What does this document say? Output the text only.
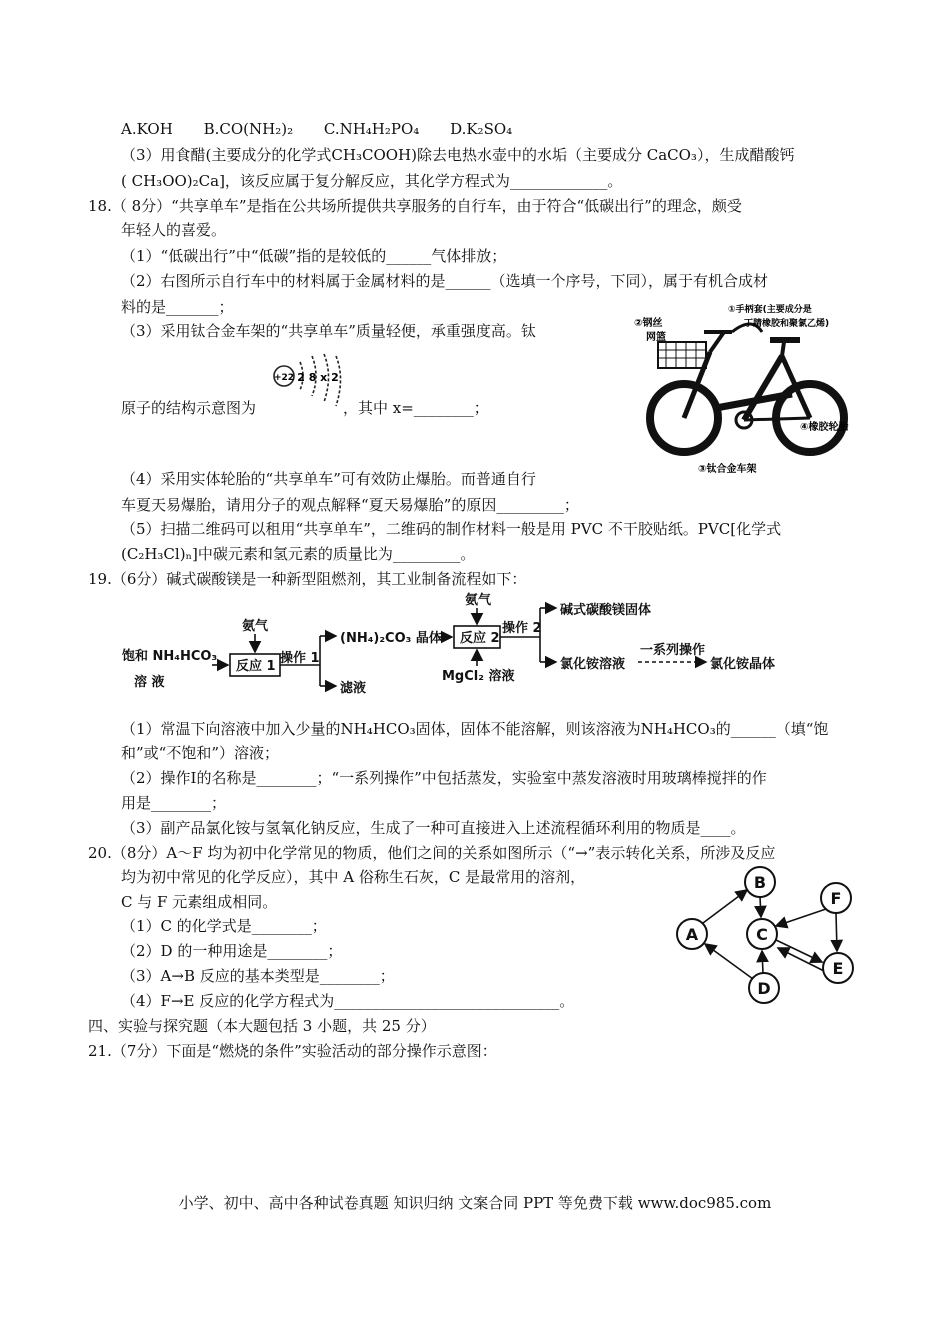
A.KOH B.CO(NH₂)₂ C.NH₄H₂PO₄ D.K₂SO₄
（3）用食醋(主要成分的化学式CH₃COOH)除去电热水壶中的水垢（主要成分 CaCO₃），生成醋酸钙
( CH₃OO)₂Ca]，该反应属于复分解反应，其化学方程式为_____________。
18.（ 8分）“共享单车”是指在公共场所提供共享服务的自行车，由于符合“低碳出行”的理念，颇受
年轻人的喜爱。
（1）“低碳出行”中“低碳”指的是较低的______气体排放；
（2）右图所示自行车中的材料属于金属材料的是______（选填一个序号，下同），属于有机合成材
料的是_______；
（3）采用钛合金车架的“共享单车”质量轻便，承重强度高。钛
原子的结构示意图为	，其中 x=________；
+22 2 8 x 2
①手柄套(主要成分是
丁腈橡胶和聚氯乙烯)
②钢丝
网篮
③钛合金车架
④橡胶轮胎
（4）采用实体轮胎的“共享单车”可有效防止爆胎。而普通自行
车夏天易爆胎，请用分子的观点解释“夏天易爆胎”的原因_________；
（5）扫描二维码可以租用“共享单车”，二维码的制作材料一般是用 PVC 不干胶贴纸。PVC[化学式
(C₂H₃Cl)ₙ]中碳元素和氢元素的质量比为_________。
19.（6分）碱式碳酸镁是一种新型阻燃剂，其工业制备流程如下：
饱和 NH₄HCO₃
溶 液
氨气
反应 1
操作 1
(NH₄)₂CO₃ 晶体
滤液
氨气
反应 2
MgCl₂ 溶液
操作 2
碱式碳酸镁固体
氯化铵溶液
一系列操作
氯化铵晶体
（1）常温下向溶液中加入少量的NH₄HCO₃固体，固体不能溶解，则该溶液为NH₄HCO₃的______（填“饱
和”或“不饱和”）溶液；
（2）操作Ⅰ的名称是________；“一系列操作”中包括蒸发，实验室中蒸发溶液时用玻璃棒搅拌的作
用是________；
（3）副产品氯化铵与氢氧化钠反应，生成了一种可直接进入上述流程循环利用的物质是____。
20.（8分）A～F 均为初中化学常见的物质，他们之间的关系如图所示（“→”表示转化关系，所涉及反应
均为初中常见的化学反应），其中 A 俗称生石灰，C 是最常用的溶剂，
C 与 F 元素组成相同。
（1）C 的化学式是________；
（2）D 的一种用途是________；
（3）A→B 反应的基本类型是________；
（4）F→E 反应的化学方程式为______________________________。
A
B
C
D
E
F
四、实验与探究题（本大题包括 3 小题，共 25 分）
21.（7分）下面是“燃烧的条件”实验活动的部分操作示意图：
小学、初中、高中各种试卷真题 知识归纳 文案合同 PPT 等免费下载 www.doc985.com
